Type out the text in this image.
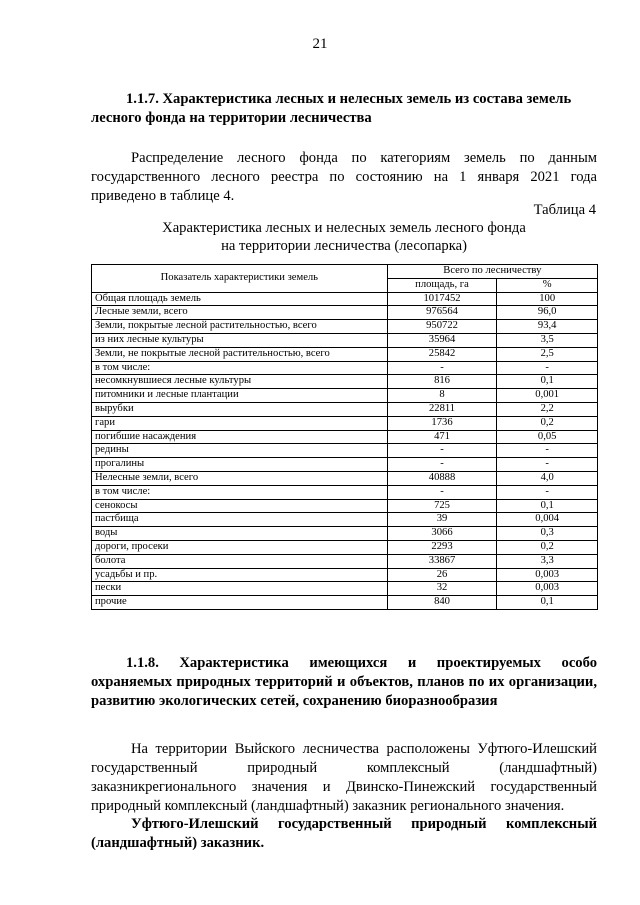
21
1.1.7. Характеристика лесных и нелесных земель из состава земель лесного фонда на территории лесничества
Распределение лесного фонда по категориям земель по данным государственного лесного реестра по состоянию на 1 января 2021 года приведено в таблице 4.
Таблица 4
Характеристика лесных и нелесных земель лесного фонда
на территории лесничества (лесопарка)
Показатель характеристики земель	Всего по лесничеству	
	площадь, га	%
Общая площадь земель	1017452	100
Лесные земли, всего	976564	96,0
Земли, покрытые лесной растительностью, всего	950722	93,4
из них лесные культуры	35964	3,5
Земли, не покрытые лесной растительностью, всего	25842	2,5
в том числе:	-	-
несомкнувшиеся лесные культуры	816	0,1
питомники и лесные плантации	8	0,001
вырубки	22811	2,2
гари	1736	0,2
погибшие насаждения	471	0,05
редины	-	-
прогалины	-	-
Нелесные земли, всего	40888	4,0
в том числе:	-	-
сенокосы	725	0,1
пастбища	39	0,004
воды	3066	0,3
дороги, просеки	2293	0,2
болота	33867	3,3
усадьбы и пр.	26	0,003
пески	32	0,003
прочие	840	0,1
1.1.8. Характеристика имеющихся и проектируемых особо охраняемых природных территорий и объектов, планов по их организации, развитию экологических сетей, сохранению биоразнообразия
На территории Выйского лесничества расположены Уфтюго-Илешский государственный природный комплексный (ландшафтный) заказникрегионального значения и Двинско-Пинежский государственный природный комплексный (ландшафтный) заказник регионального значения.
Уфтюго-Илешский государственный природный комплексный (ландшафтный) заказник.
